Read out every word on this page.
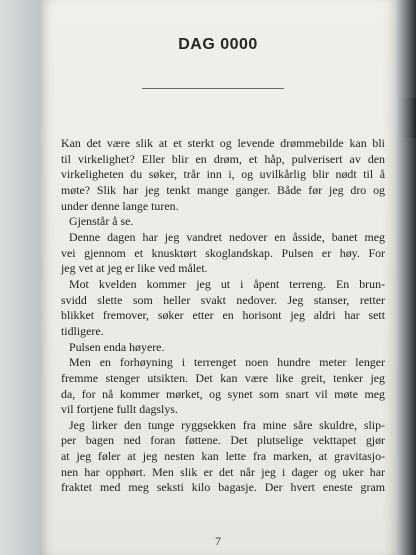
DAG 0000
Kan det være slik at et sterkt og levende drømmebilde kan bli
til virkelighet? Eller blir en drøm, et håp, pulverisert av den
virkeligheten du søker, trår inn i, og uvilkårlig blir nødt til å
møte? Slik har jeg tenkt mange ganger. Både før jeg dro og
under denne lange turen.
Gjenstår å se.
Denne dagen har jeg vandret nedover en åsside, banet meg
vei gjennom et knusktørt skoglandskap. Pulsen er høy. For
jeg vet at jeg er like ved målet.
Mot kvelden kommer jeg ut i åpent terreng. En brun-
svidd slette som heller svakt nedover. Jeg stanser, retter
blikket fremover, søker etter en horisont jeg aldri har sett
tidligere.
Pulsen enda høyere.
Men en forhøyning i terrenget noen hundre meter lenger
fremme stenger utsikten. Det kan være like greit, tenker jeg
da, for nå kommer mørket, og synet som snart vil møte meg
vil fortjene fullt dagslys.
Jeg lirker den tunge ryggsekken fra mine såre skuldre, slip-
per bagen ned foran føttene. Det plutselige vekttapet gjør
at jeg føler at jeg nesten kan lette fra marken, at gravitasjo-
nen har opphørt. Men slik er det når jeg i dager og uker har
fraktet med meg seksti kilo bagasje. Der hvert eneste gram
7
